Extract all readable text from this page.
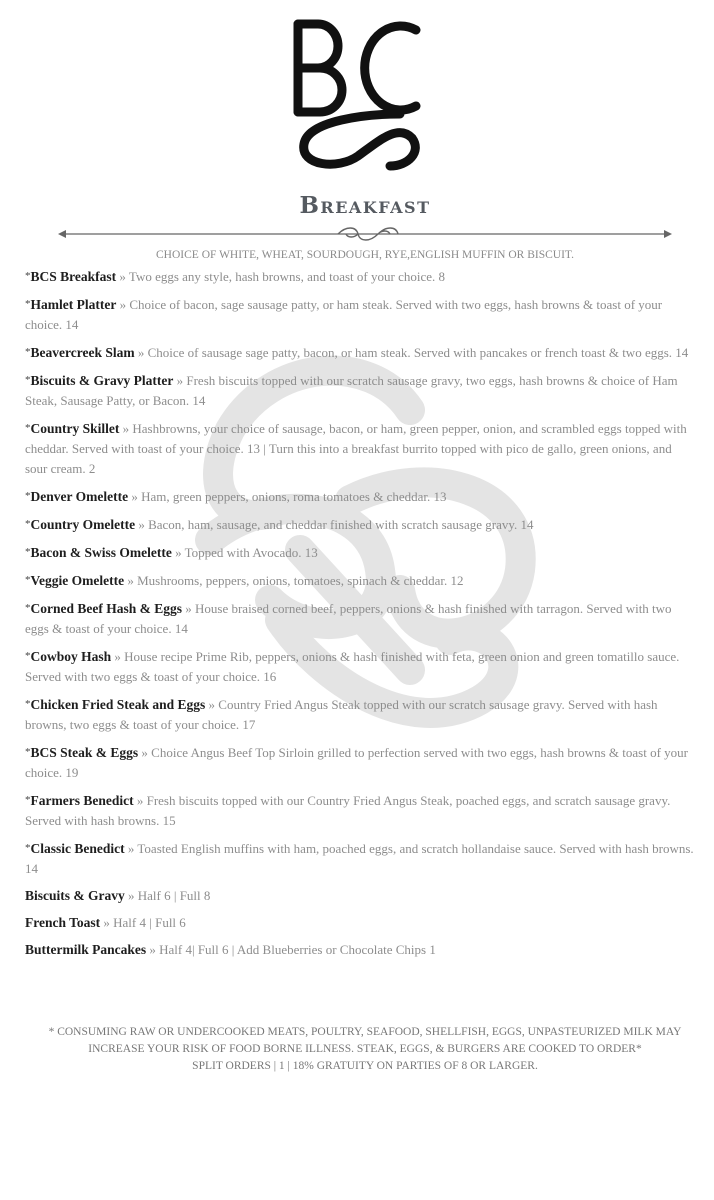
Breakfast
CHOICE OF WHITE, WHEAT, SOURDOUGH, RYE,ENGLISH MUFFIN OR BISCUIT.
*BCS Breakfast » Two eggs any style, hash browns, and toast of your choice. 8
*Hamlet Platter » Choice of bacon, sage sausage patty, or ham steak. Served with two eggs, hash browns & toast of your choice. 14
*Beavercreek Slam » Choice of sausage sage patty, bacon, or ham steak. Served with pancakes or french toast & two eggs. 14
*Biscuits & Gravy Platter » Fresh biscuits topped with our scratch sausage gravy, two eggs, hash browns & choice of Ham Steak, Sausage Patty, or Bacon. 14
*Country Skillet » Hashbrowns, your choice of sausage, bacon, or ham, green pepper, onion, and scrambled eggs topped with cheddar. Served with toast of your choice. 13 | Turn this into a breakfast burrito topped with pico de gallo, green onions, and sour cream. 2
*Denver Omelette » Ham, green peppers, onions, roma tomatoes & cheddar. 13
*Country Omelette » Bacon, ham, sausage, and cheddar finished with scratch sausage gravy. 14
*Bacon & Swiss Omelette » Topped with Avocado. 13
*Veggie Omelette » Mushrooms, peppers, onions, tomatoes, spinach & cheddar. 12
*Corned Beef Hash & Eggs » House braised corned beef, peppers, onions & hash finished with tarragon. Served with two eggs & toast of your choice. 14
*Cowboy Hash » House recipe Prime Rib, peppers, onions & hash finished with feta, green onion and green tomatillo sauce. Served with two eggs & toast of your choice. 16
*Chicken Fried Steak and Eggs » Country Fried Angus Steak topped with our scratch sausage gravy. Served with hash browns, two eggs & toast of your choice. 17
*BCS Steak & Eggs » Choice Angus Beef Top Sirloin grilled to perfection served with two eggs, hash browns & toast of your choice. 19
*Farmers Benedict » Fresh biscuits topped with our Country Fried Angus Steak, poached eggs, and scratch sausage gravy. Served with hash browns. 15
*Classic Benedict » Toasted English muffins with ham, poached eggs, and scratch hollandaise sauce. Served with hash browns. 14
Biscuits & Gravy » Half 6 | Full 8
French Toast » Half 4 | Full 6
Buttermilk Pancakes » Half 4| Full 6 | Add Blueberries or Chocolate Chips 1
* CONSUMING RAW OR UNDERCOOKED MEATS, POULTRY, SEAFOOD, SHELLFISH, EGGS, UNPASTEURIZED MILK MAY INCREASE YOUR RISK OF FOOD BORNE ILLNESS. STEAK, EGGS, & BURGERS ARE COOKED TO ORDER*
SPLIT ORDERS | 1 | 18% GRATUITY ON PARTIES OF 8 OR LARGER.
